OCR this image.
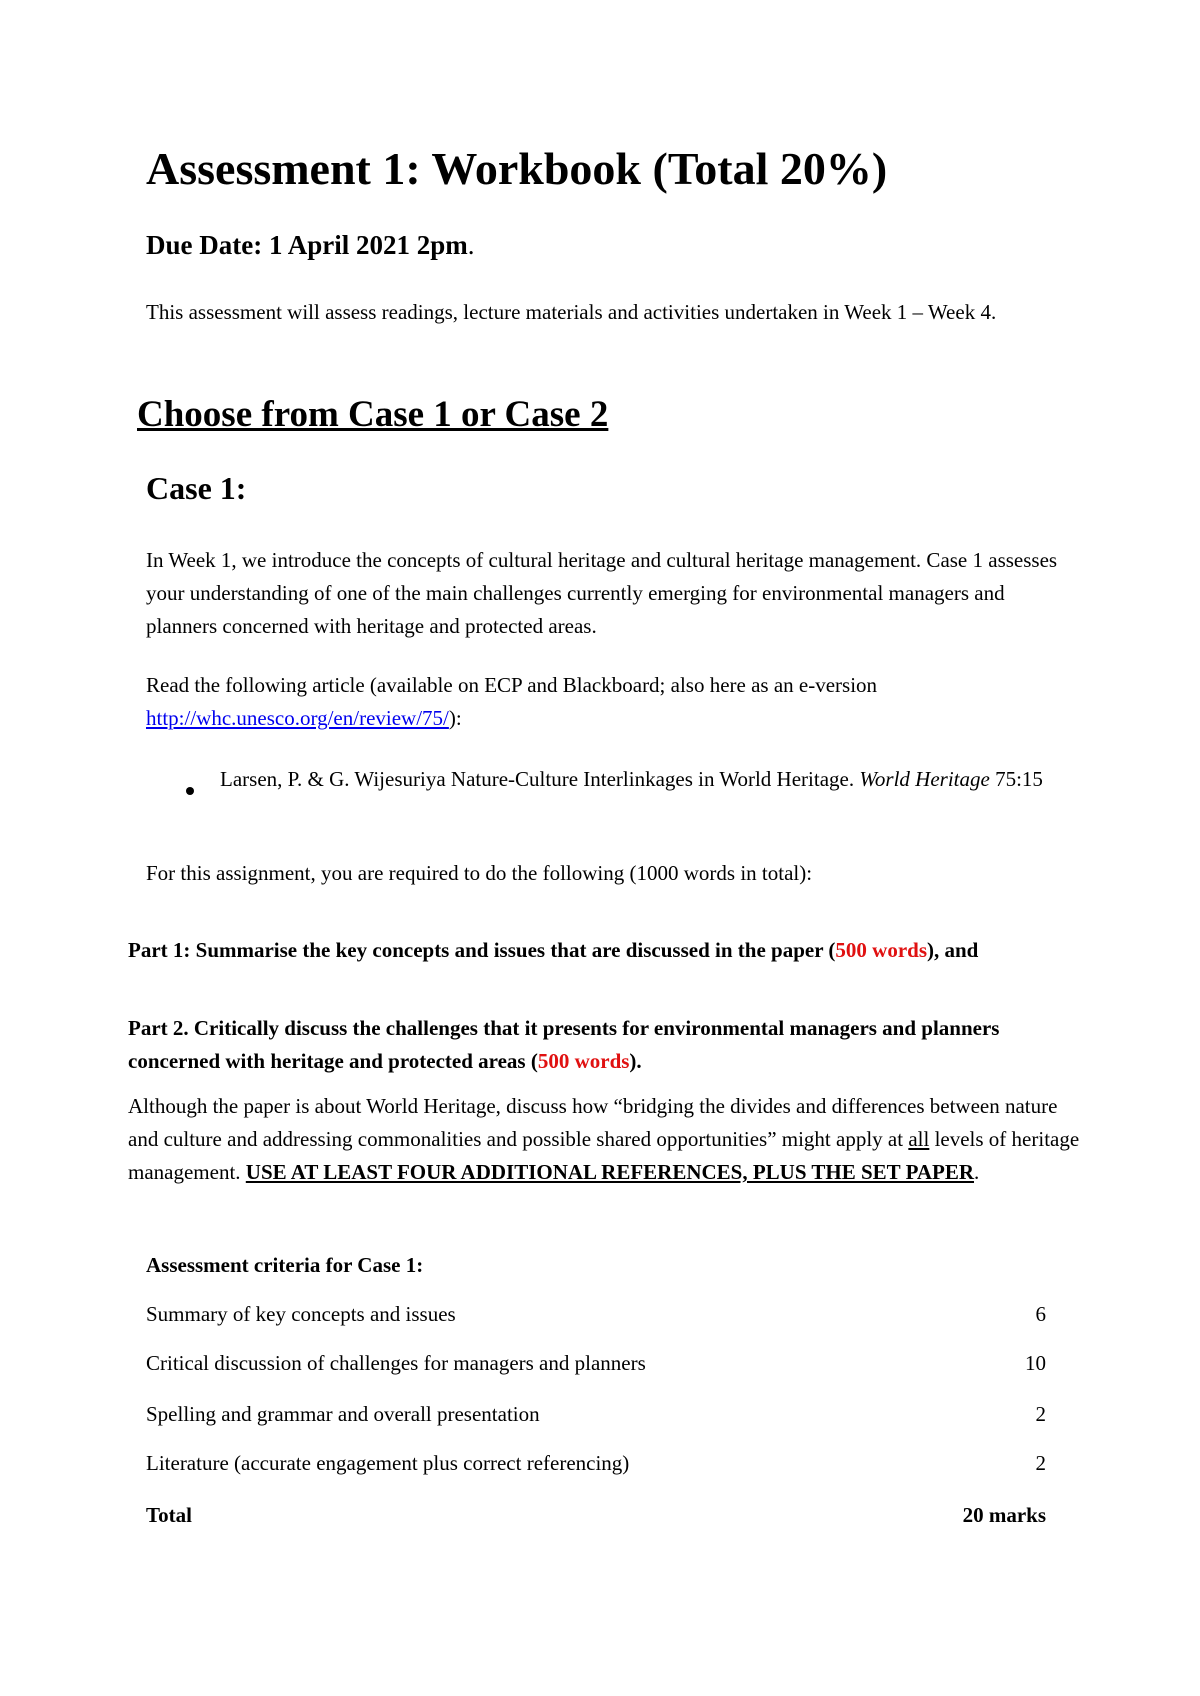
Assessment 1: Workbook (Total 20%)
Due Date: 1 April 2021 2pm.

This assessment will assess readings, lecture materials and activities undertaken in Week 1 – Week 4.

Choose from Case 1 or Case 2
Case 1:

In Week 1, we introduce the concepts of cultural heritage and cultural heritage management. Case 1 assesses your understanding of one of the main challenges currently emerging for environmental managers and planners concerned with heritage and protected areas.

Read the following article (available on ECP and Blackboard; also here as an e-version http://whc.unesco.org/en/review/75/):

Larsen, P. & G. Wijesuriya Nature-Culture Interlinkages in World Heritage. World Heritage 75:15

For this assignment, you are required to do the following (1000 words in total):

Part 1: Summarise the key concepts and issues that are discussed in the paper (500 words), and

Part 2. Critically discuss the challenges that it presents for environmental managers and planners concerned with heritage and protected areas (500 words).

Although the paper is about World Heritage, discuss how “bridging the divides and differences between nature and culture and addressing commonalities and possible shared opportunities” might apply at all levels of heritage management. USE AT LEAST FOUR ADDITIONAL REFERENCES, PLUS THE SET PAPER.

Assessment criteria for Case 1:

Summary of key concepts and issues	6
Critical discussion of challenges for managers and planners	10
Spelling and grammar and overall presentation	2
Literature (accurate engagement plus correct referencing)	2
Total	20 marks
